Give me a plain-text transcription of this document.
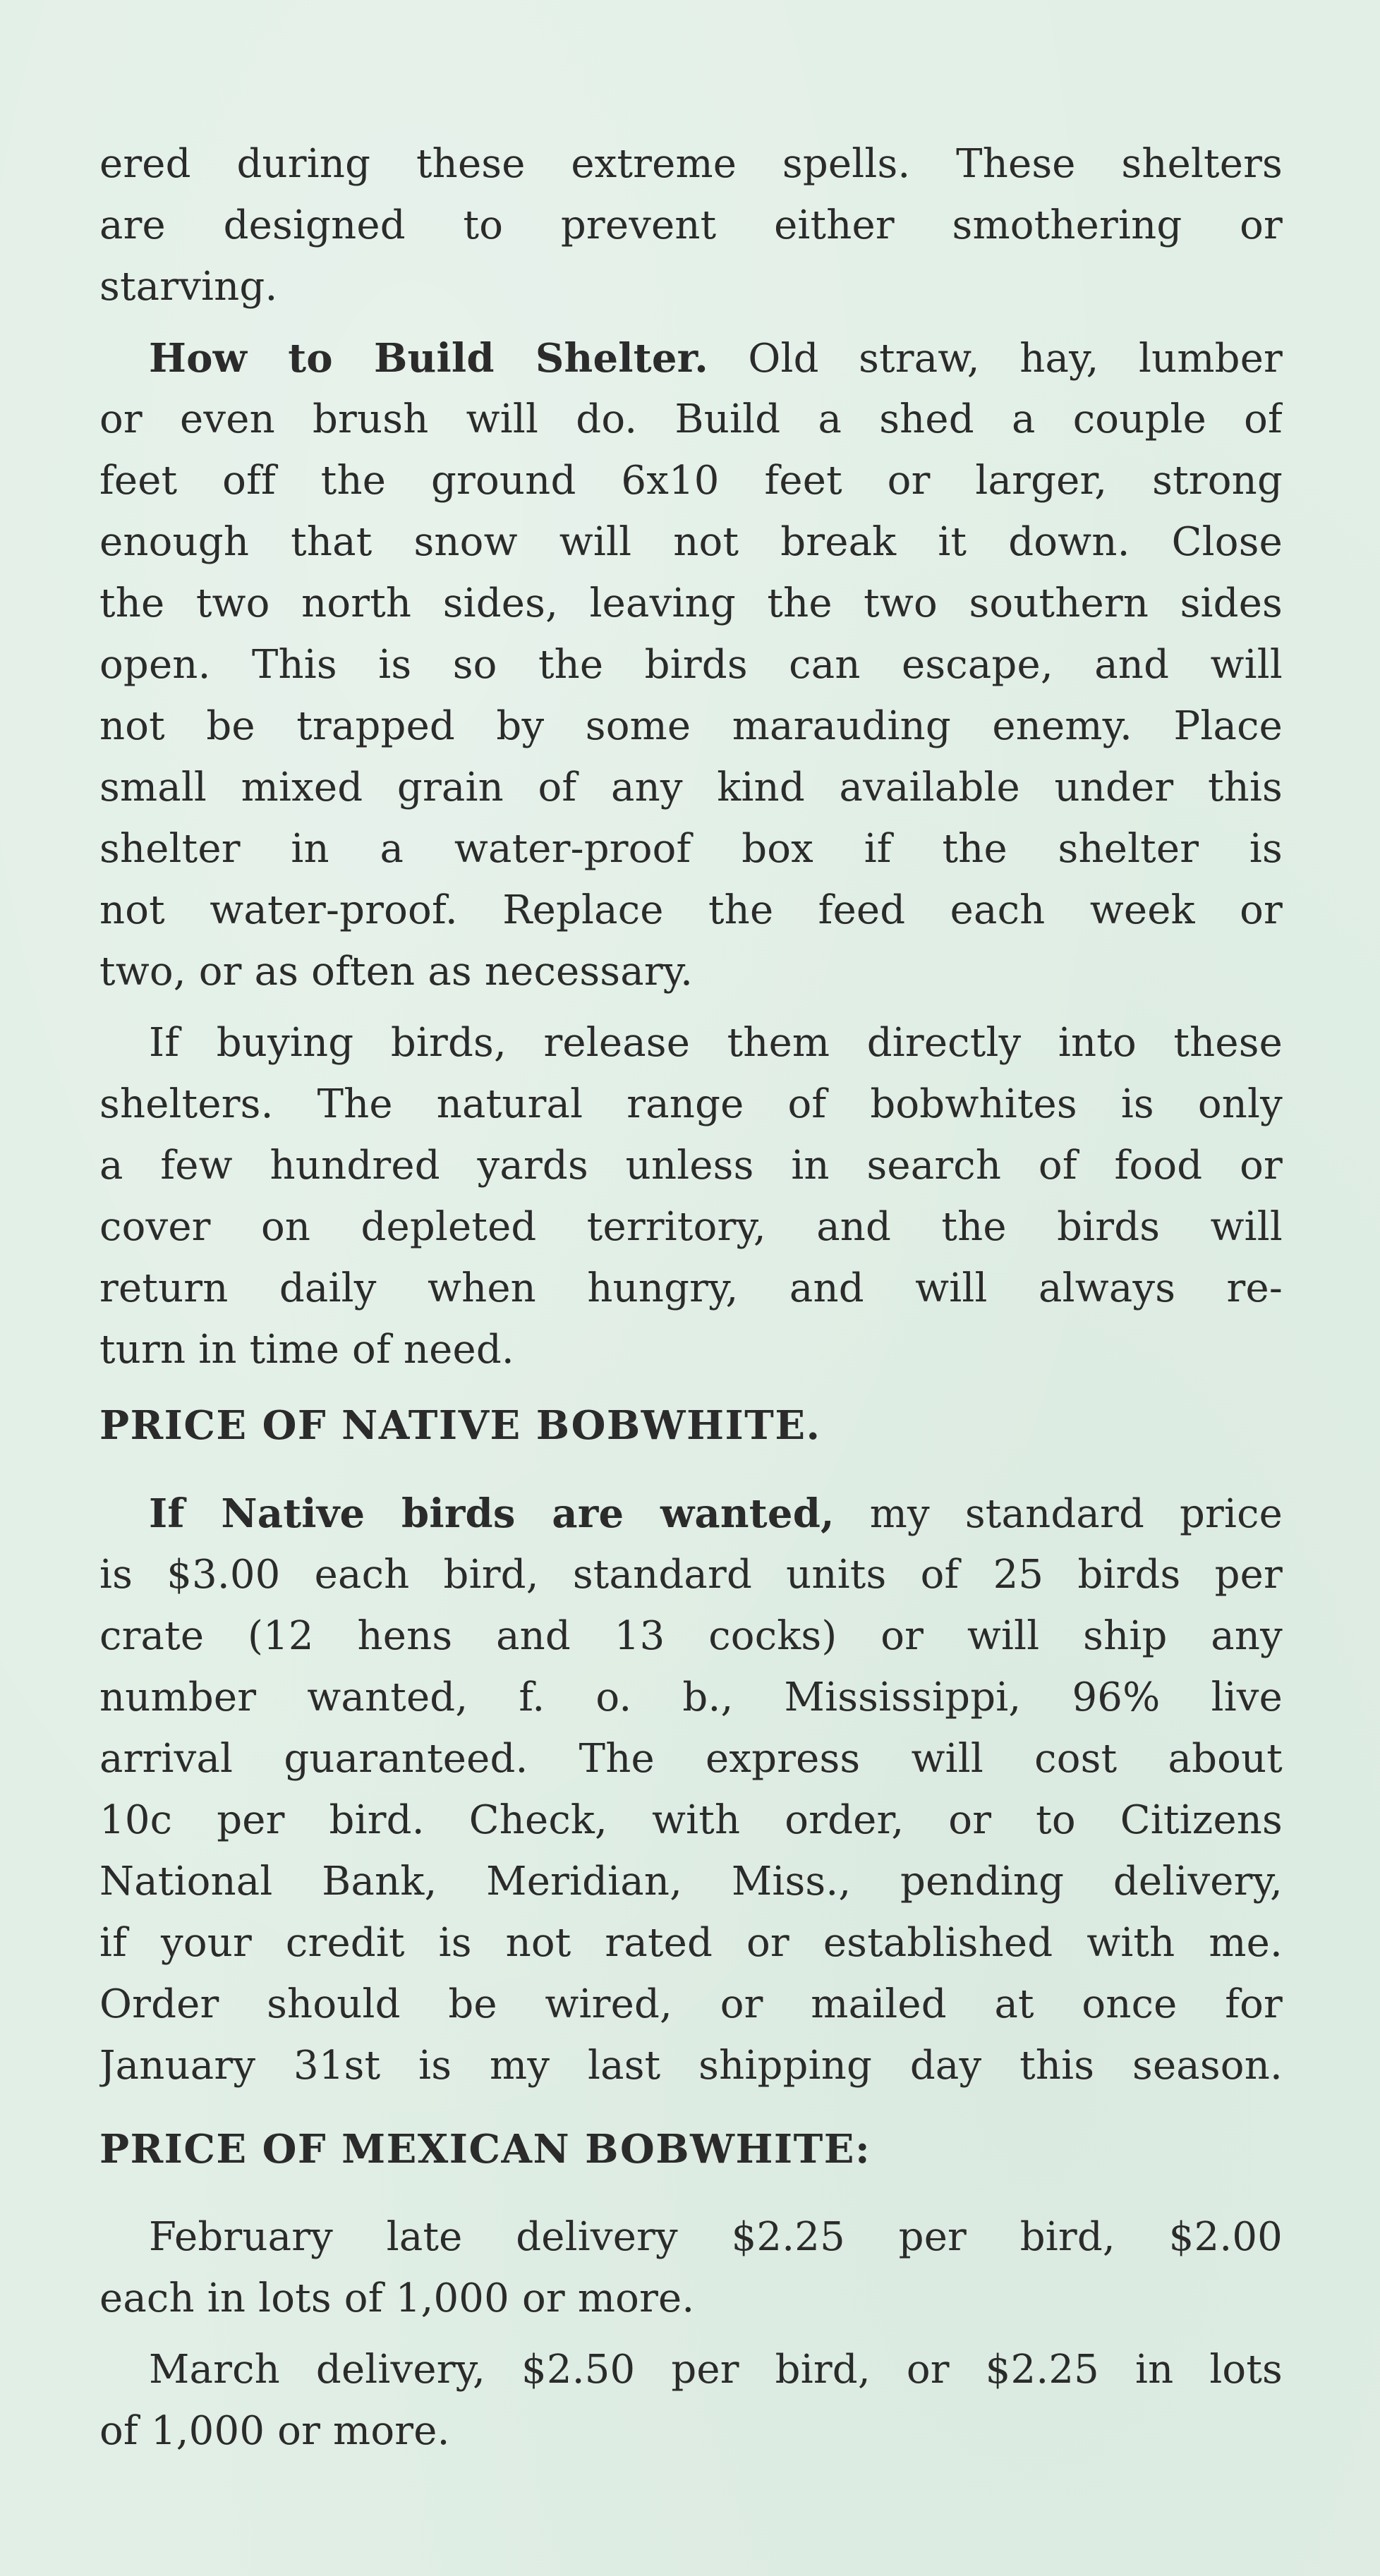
ered during these extreme spells. These shelters
are designed to prevent either smothering or
starving.
How to Build Shelter. Old straw, hay, lumber
or even brush will do. Build a shed a couple of
feet off the ground 6x10 feet or larger, strong
enough that snow will not break it down. Close
the two north sides, leaving the two southern sides
open. This is so the birds can escape, and will
not be trapped by some marauding enemy. Place
small mixed grain of any kind available under this
shelter in a water-proof box if the shelter is
not water-proof. Replace the feed each week or
two, or as often as necessary.
If buying birds, release them directly into these
shelters. The natural range of bobwhites is only
a few hundred yards unless in search of food or
cover on depleted territory, and the birds will
return daily when hungry, and will always re-
turn in time of need.
PRICE OF NATIVE BOBWHITE.
If Native birds are wanted, my standard price
is $3.00 each bird, standard units of 25 birds per
crate (12 hens and 13 cocks) or will ship any
number wanted, f. o. b., Mississippi, 96% live
arrival guaranteed. The express will cost about
10c per bird. Check, with order, or to Citizens
National Bank, Meridian, Miss., pending delivery,
if your credit is not rated or established with me.
Order should be wired, or mailed at once for
January 31st is my last shipping day this season.
PRICE OF MEXICAN BOBWHITE:
February late delivery $2.25 per bird, $2.00
each in lots of 1,000 or more.
March delivery, $2.50 per bird, or $2.25 in lots
of 1,000 or more.
